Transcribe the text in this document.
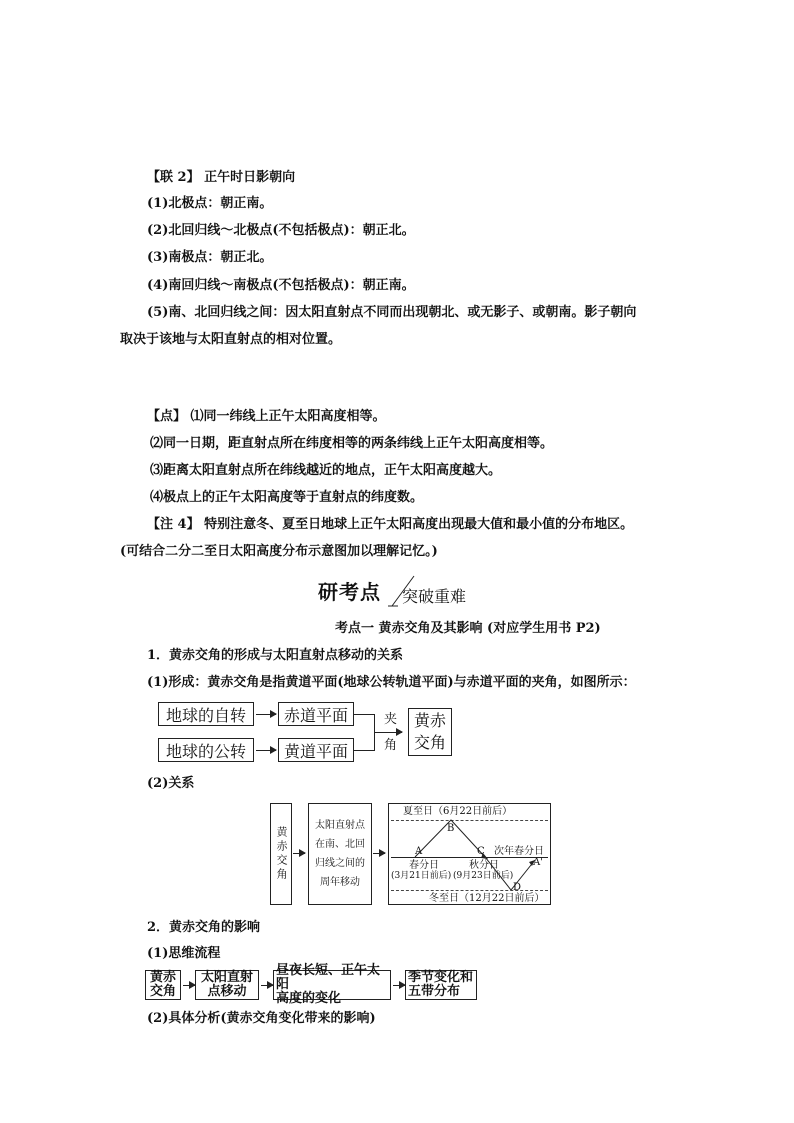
【联 2】 正午时日影朝向
(1)北极点：朝正南。
(2)北回归线～北极点(不包括极点)：朝正北。
(3)南极点：朝正北。
(4)南回归线～南极点(不包括极点)：朝正南。
(5)南、北回归线之间：因太阳直射点不同而出现朝北、或无影子、或朝南。影子朝向
取决于该地与太阳直射点的相对位置。
【点】 ⑴同一纬线上正午太阳高度相等。
⑵同一日期，距直射点所在纬度相等的两条纬线上正午太阳高度相等。
⑶距离太阳直射点所在纬线越近的地点，正午太阳高度越大。
⑷极点上的正午太阳高度等于直射点的纬度数。
【注 4】 特别注意冬、夏至日地球上正午太阳高度出现最大值和最小值的分布地区。
(可结合二分二至日太阳高度分布示意图加以理解记忆。)
研考点 突破重难
考点一 黄赤交角及其影响 (对应学生用书 P2)
1．黄赤交角的形成与太阳直射点移动的关系
(1)形成：黄赤交角是指黄道平面(地球公转轨道平面)与赤道平面的夹角，如图所示：
地球的自转 赤道平面
地球的公转 黄道平面
夹
角
黄赤
交角
(2)关系
黄赤交角
太阳直射点
在南、北回
归线之间的
周年移动
夏至日（6月22日前后）
B
A	C 次年春分日
A'
春分日	秋分日
(3月21日前后) (9月23日前后)
D
冬至日（12月22日前后）
2．黄赤交角的影响
(1)思维流程
黄赤
交角
太阳直射
点移动
昼夜长短、正午太阳
高度的变化
季节变化和
五带分布
(2)具体分析(黄赤交角变化带来的影响)
